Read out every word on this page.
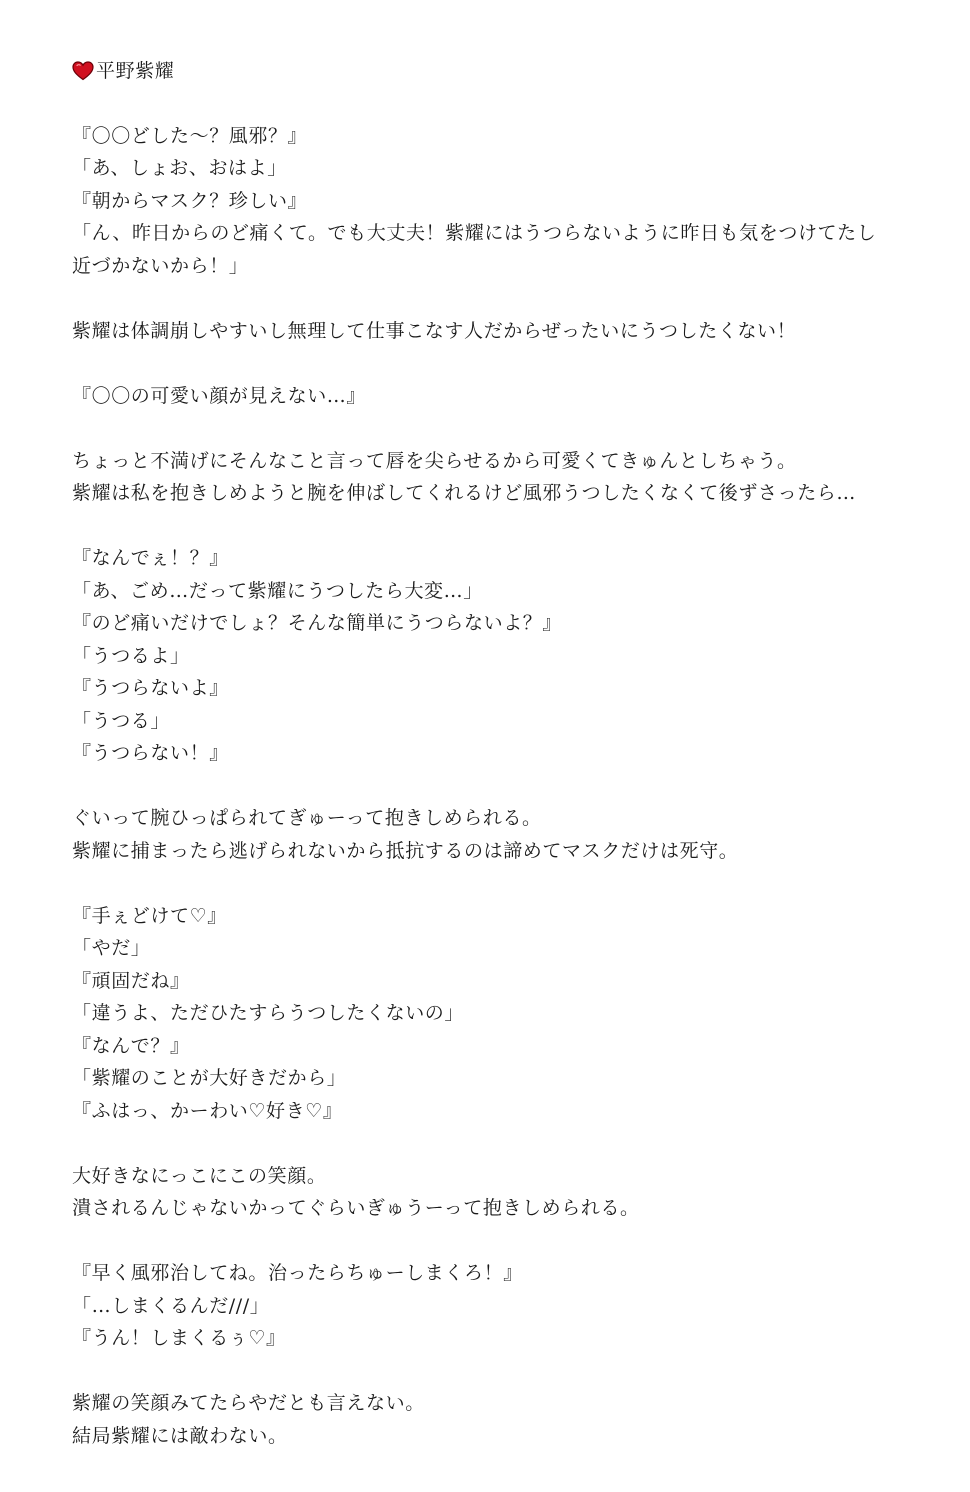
平野紫耀
『〇〇どした〜？風邪？』
「あ、しょお、おはよ」
『朝からマスク？珍しい』
「ん、昨日からのど痛くて。でも大丈夫！紫耀にはうつらないように昨日も気をつけてたし
近づかないから！」
紫耀は体調崩しやすいし無理して仕事こなす人だからぜったいにうつしたくない！
『〇〇の可愛い顔が見えない…』
ちょっと不満げにそんなこと言って唇を尖らせるから可愛くてきゅんとしちゃう。
紫耀は私を抱きしめようと腕を伸ばしてくれるけど風邪うつしたくなくて後ずさったら…
『なんでぇ！？』
「あ、ごめ…だって紫耀にうつしたら大変…」
『のど痛いだけでしょ？そんな簡単にうつらないよ？』
「うつるよ」
『うつらないよ』
「うつる」
『うつらない！』
ぐいって腕ひっぱられてぎゅーって抱きしめられる。
紫耀に捕まったら逃げられないから抵抗するのは諦めてマスクだけは死守。
『手ぇどけて♡』
「やだ」
『頑固だね』
「違うよ、ただひたすらうつしたくないの」
『なんで？』
「紫耀のことが大好きだから」
『ふはっ、かーわい♡好き♡』
大好きなにっこにこの笑顔。
潰されるんじゃないかってぐらいぎゅうーって抱きしめられる。
『早く風邪治してね。治ったらちゅーしまくろ！』
「…しまくるんだ///」
『うん！しまくるぅ♡』
紫耀の笑顔みてたらやだとも言えない。
結局紫耀には敵わない。
